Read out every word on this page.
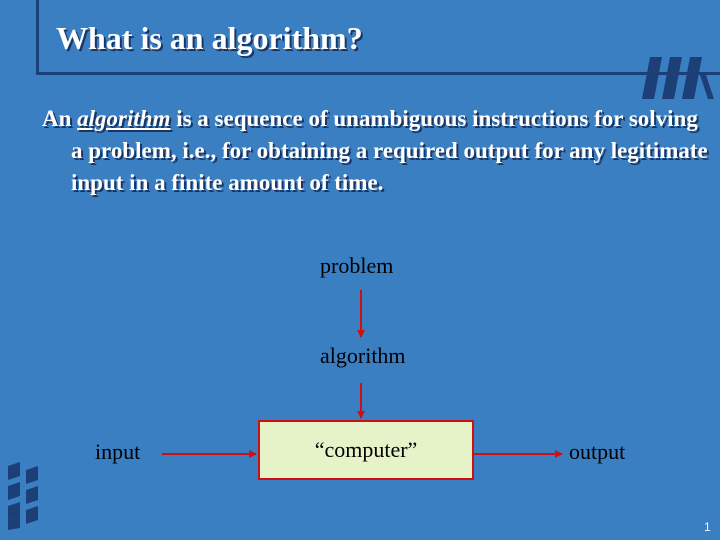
What is an algorithm?

An algorithm is a sequence of unambiguous instructions for solving a problem, i.e., for obtaining a required output for any legitimate input in a finite amount of time.

problem
algorithm
input	“computer”	output
1
